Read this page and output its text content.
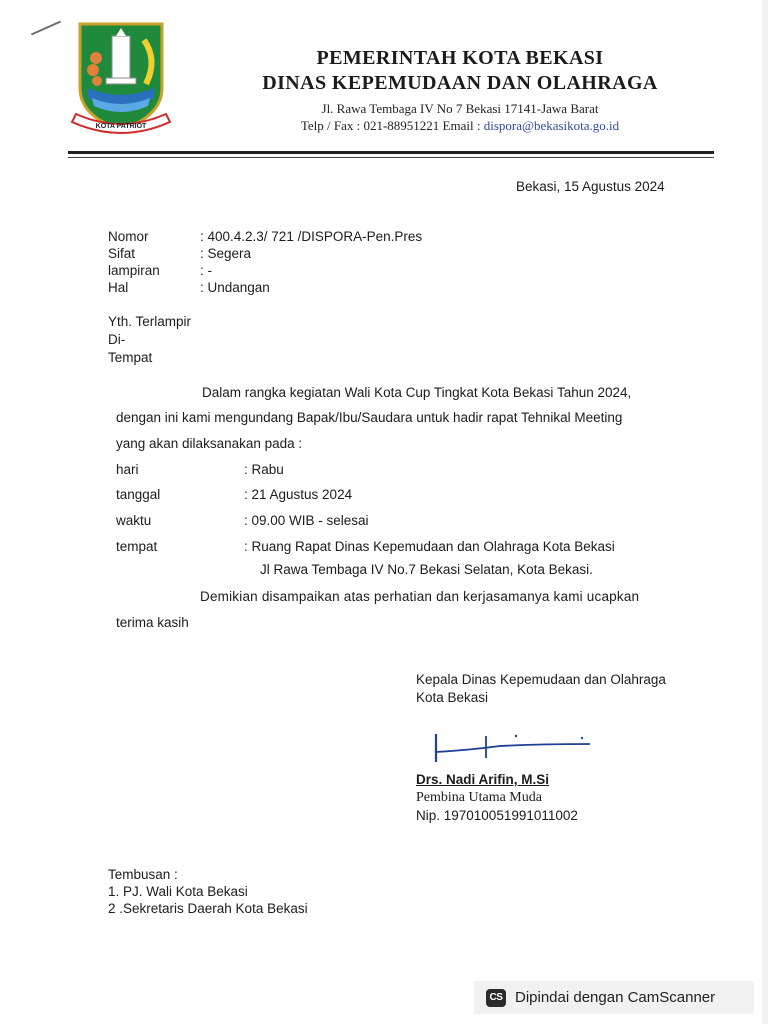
KOTA PATRIOT
PEMERINTAH KOTA BEKASI
DINAS KEPEMUDAAN DAN OLAHRAGA
Jl. Rawa Tembaga IV No 7 Bekasi 17141-Jawa Barat
Telp / Fax : 021-88951221 Email : dispora@bekasikota.go.id
Bekasi, 15 Agustus 2024
Nomor	: 400.4.2.3/ 721 /DISPORA-Pen.Pres
Sifat	: Segera
lampiran	: -
Hal	: Undangan
Yth. Terlampir
Di-
Tempat
Dalam rangka kegiatan Wali Kota Cup Tingkat Kota Bekasi Tahun 2024,
dengan ini kami mengundang Bapak/Ibu/Saudara untuk hadir rapat Tehnikal Meeting
yang akan dilaksanakan pada :
hari	: Rabu
tanggal	: 21 Agustus 2024
waktu	: 09.00 WIB - selesai
tempat	: Ruang Rapat Dinas Kepemudaan dan Olahraga Kota Bekasi
Jl Rawa Tembaga IV No.7 Bekasi Selatan, Kota Bekasi.
Demikian disampaikan atas perhatian dan kerjasamanya kami ucapkan
terima kasih
Kepala Dinas Kepemudaan dan Olahraga
Kota Bekasi
Drs. Nadi Arifin, M.Si
Pembina Utama Muda
Nip. 197010051991011002
Tembusan :
1. PJ. Wali Kota Bekasi
2 .Sekretaris Daerah Kota Bekasi
CS Dipindai dengan CamScanner
